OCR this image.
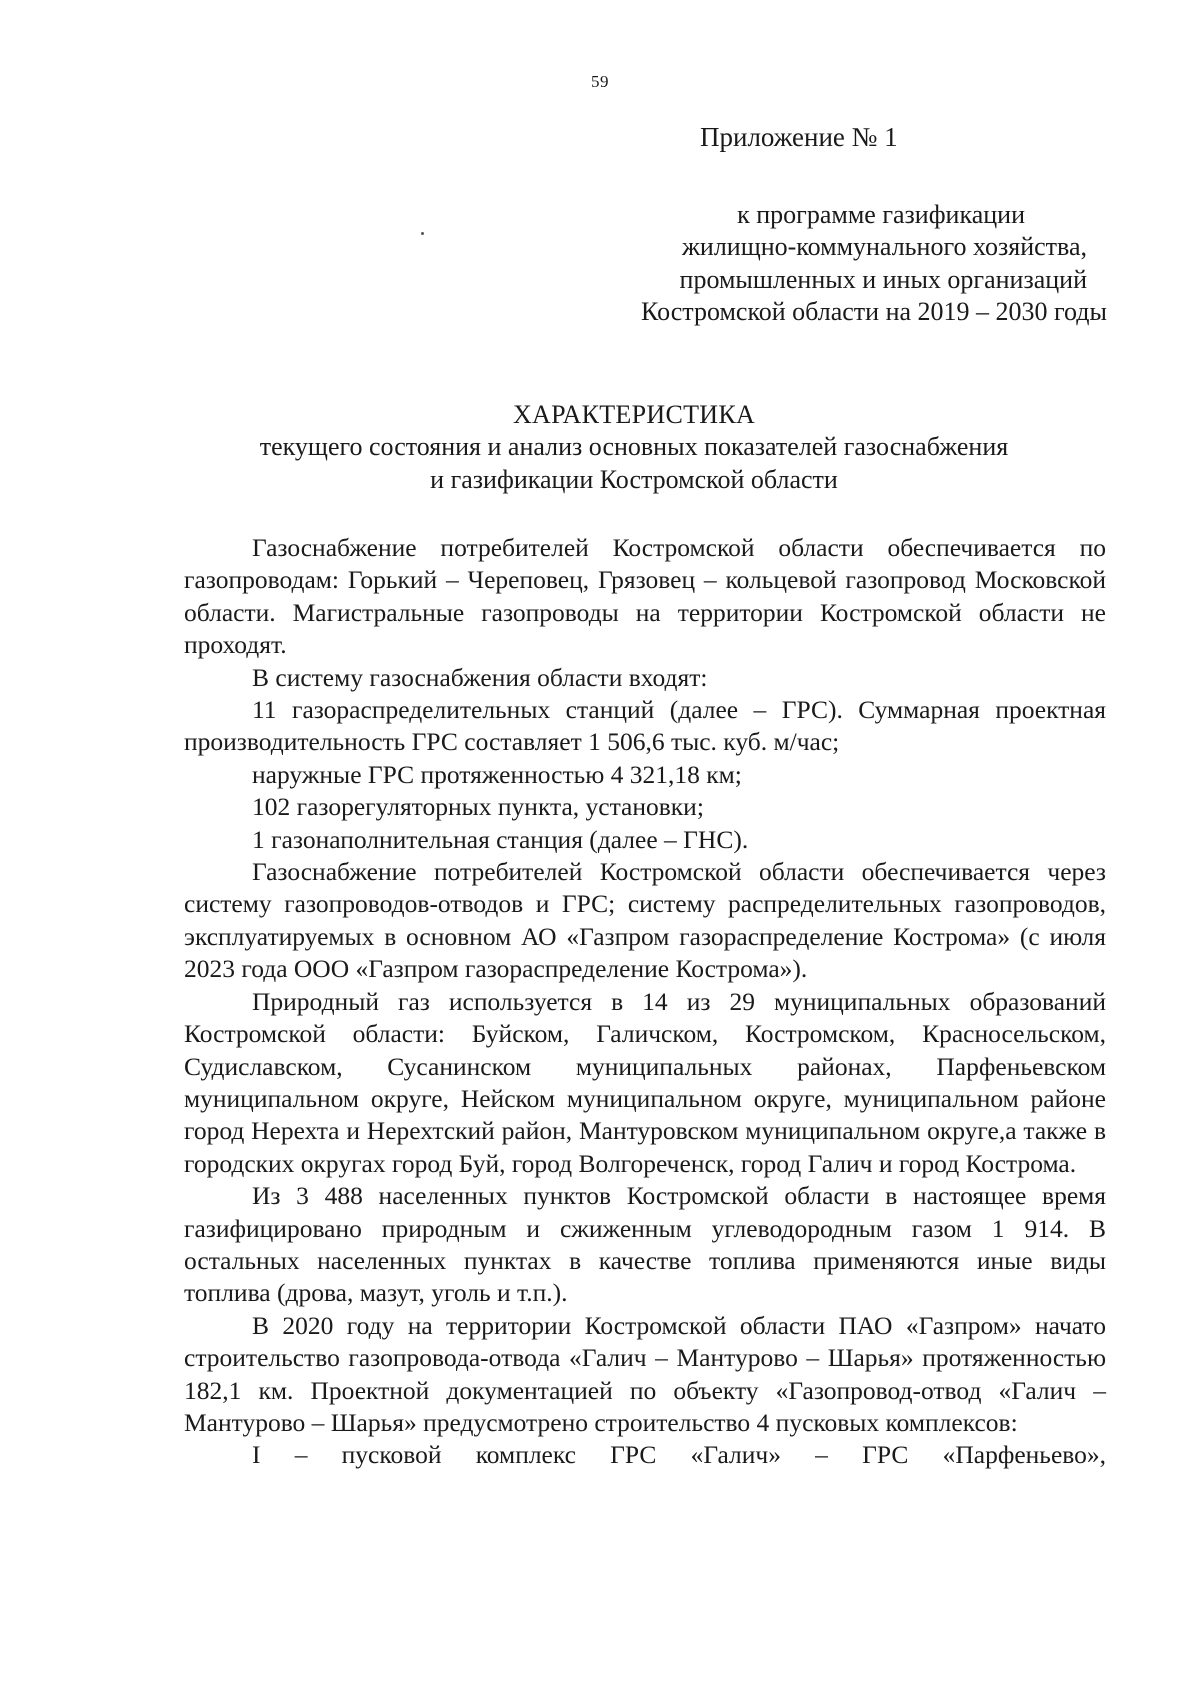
59
Приложение № 1
к программе газификации
жилищно-коммунального хозяйства,
промышленных и иных организаций
Костромской области на 2019 – 2030 годы
ХАРАКТЕРИСТИКА
текущего состояния и анализ основных показателей газоснабжения
и газификации Костромской области

Газоснабжение потребителей Костромской области обеспечивается по газопроводам: Горький – Череповец, Грязовец – кольцевой газопровод Московской области. Магистральные газопроводы на территории Костромской области не проходят.

В систему газоснабжения области входят:

11 газораспределительных станций (далее – ГРС). Суммарная проектная производительность ГРС составляет 1 506,6 тыс. куб. м/час;

наружные ГРС протяженностью 4 321,18 км;

102 газорегуляторных пункта, установки;

1 газонаполнительная станция (далее – ГНС).

Газоснабжение потребителей Костромской области обеспечивается через систему газопроводов-отводов и ГРС; систему распределительных газопроводов, эксплуатируемых в основном АО «Газпром газораспределение Кострома» (с июля 2023 года ООО «Газпром газораспределение Кострома»).

Природный газ используется в 14 из 29 муниципальных образований Костромской области: Буйском, Галичском, Костромском, Красносельском, Судиславском, Сусанинском муниципальных районах, Парфеньевском муниципальном округе, Нейском муниципальном округе, муниципальном районе город Нерехта и Нерехтский район, Мантуровском муниципальном округе,а также в городских округах город Буй, город Волгореченск, город Галич и город Кострома.

Из 3 488 населенных пунктов Костромской области в настоящее время газифицировано природным и сжиженным углеводородным газом 1 914. В остальных населенных пунктах в качестве топлива применяются иные виды топлива (дрова, мазут, уголь и т.п.).

В 2020 году на территории Костромской области ПАО «Газпром» начато строительство газопровода-отвода «Галич – Мантурово – Шарья» протяженностью 182,1 км. Проектной документацией по объекту «Газопровод-отвод «Галич – Мантурово – Шарья» предусмотрено строительство 4 пусковых комплексов:

I – пусковой комплекс ГРС «Галич» – ГРС «Парфеньево»,
